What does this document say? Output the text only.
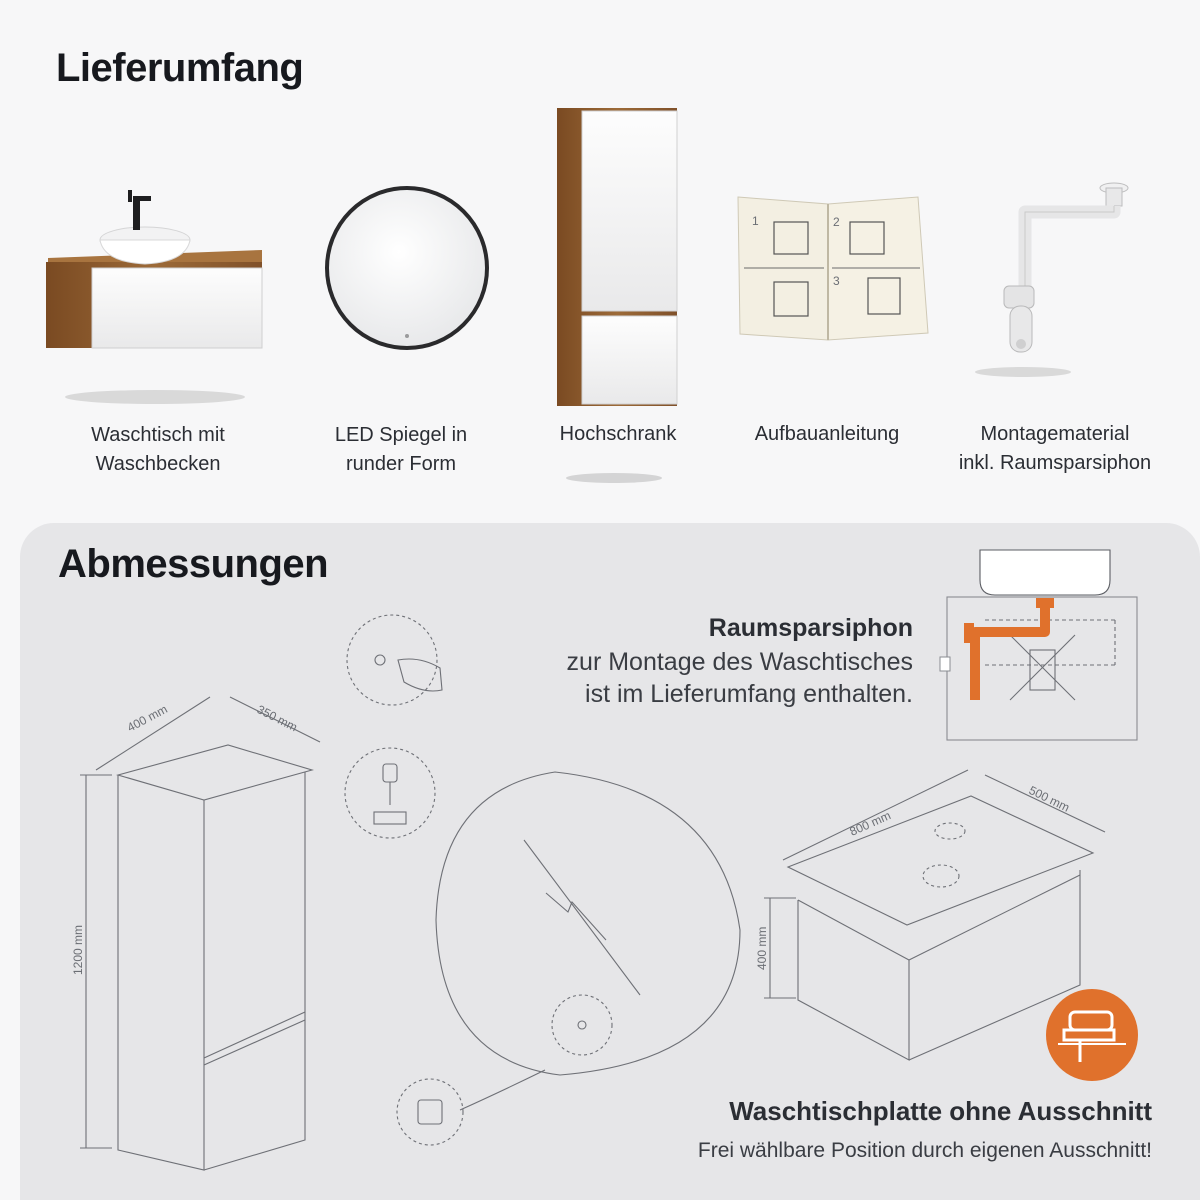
Lieferumfang
1	2
3
Waschtisch mit
Waschbecken
LED Spiegel in
runder Form
Hochschrank	Aufbauanleitung	Montagematerial
inkl. Raumsparsiphon
Abmessungen
400 mm	350 mm
1200 mm
800 mm
500 mm
400 mm
Raumsparsiphon
zur Montage des Waschtisches
ist im Lieferumfang enthalten.
Waschtischplatte ohne Ausschnitt
Frei wählbare Position durch eigenen Ausschnitt!
